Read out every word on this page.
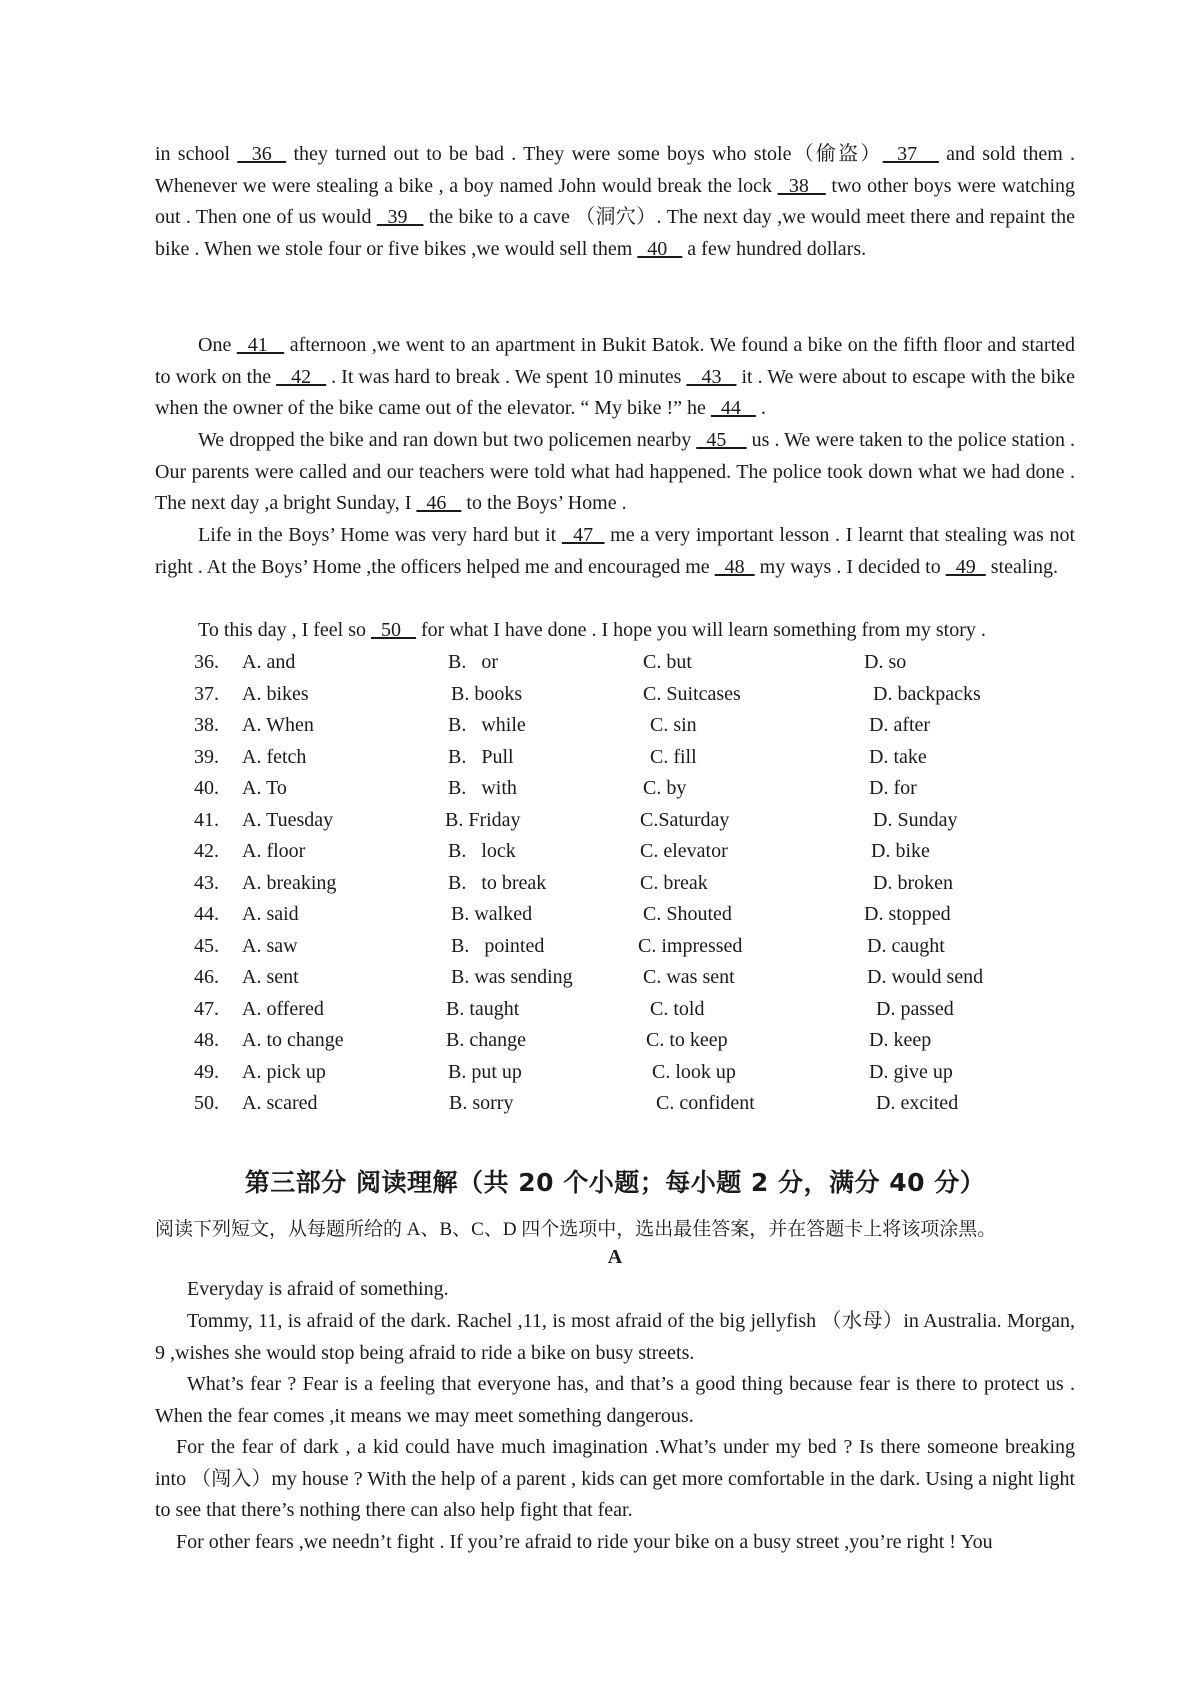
in school   36   they turned out to be bad . They were some boys who stole（偷盗）  37    and sold them . Whenever we were stealing a bike , a boy named John would break the lock   38    two other boys were watching out . Then one of us would   39    the bike to a cave （洞穴）. The next day ,we would meet there and repaint the bike . When we stole four or five bikes ,we would sell them   40    a few hundred dollars.
One   41    afternoon ,we went to an apartment in Bukit Batok. We found a bike on the fifth floor and started to work on the    42    . It was hard to break . We spent 10 minutes    43    it . We were about to escape with the bike when the owner of the bike came out of the elevator. “ My bike !” he   44    .
We dropped the bike and ran down but two policemen nearby   45     us . We were taken to the police station . Our parents were called and our teachers were told what had happened. The police took down what we had done . The next day ,a bright Sunday, I   46    to the Boys’ Home .
Life in the Boys’ Home was very hard but it   47   me a very important lesson . I learnt that stealing was not right . At the Boys’ Home ,the officers helped me and encouraged me   48   my ways . I decided to   49   stealing.
To this day , I feel so   50    for what I have done . I hope you will learn something from my story .
36. A. and	B.   or	C. but	D. so
37. A. bikes	B. books	C. Suitcases	D. backpacks
38. A. When	B.   while	C. sin	D. after
39. A. fetch	B.   Pull	C. fill	D. take
40. A. To	B.   with	C. by	D. for
41. A. Tuesday	B. Friday	C.Saturday	D. Sunday
42. A. floor	B.   lock	C. elevator	D. bike
43. A. breaking	B.   to break	C. break	D. broken
44. A. said	B. walked	C. Shouted	D. stopped
45. A. saw	B.   pointed	C. impressed	D. caught
46. A. sent	B. was sending	C. was sent	D. would send
47. A. offered	B. taught	C. told	D. passed
48. A. to change	B. change	C. to keep	D. keep
49. A. pick up	B. put up	C. look up	D. give up
50. A. scared	B. sorry	C. confident	D. excited
第三部分 阅读理解（共 20 个小题；每小题 2 分，满分 40 分）
阅读下列短文，从每题所给的 A、B、C、D 四个选项中，选出最佳答案，并在答题卡上将该项涂黑。
A
Everyday is afraid of something.
Tommy, 11, is afraid of the dark. Rachel ,11, is most afraid of the big jellyfish （水母）in Australia. Morgan, 9 ,wishes she would stop being afraid to ride a bike on busy streets.
What’s fear ? Fear is a feeling that everyone has, and that’s a good thing because fear is there to protect us . When the fear comes ,it means we may meet something dangerous.
For the fear of dark , a kid could have much imagination .What’s under my bed ? Is there someone breaking into （闯入）my house ? With the help of a parent , kids can get more comfortable in the dark. Using a night light to see that there’s nothing there can also help fight that fear.
For other fears ,we needn’t fight . If you’re afraid to ride your bike on a busy street ,you’re right ! You
